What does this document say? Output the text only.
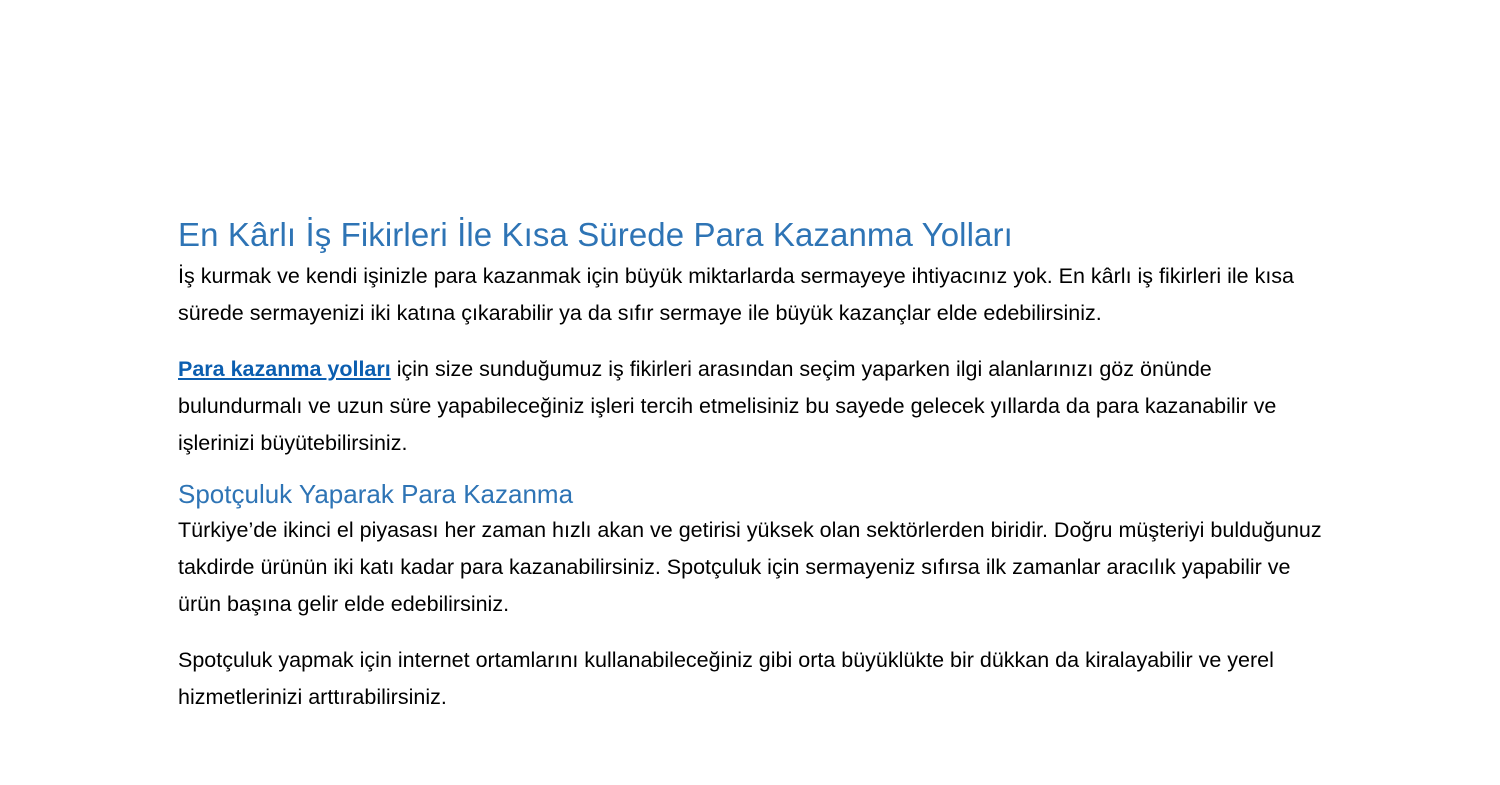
En Kârlı İş Fikirleri İle Kısa Sürede Para Kazanma Yolları

İş kurmak ve kendi işinizle para kazanmak için büyük miktarlarda sermayeye ihtiyacınız yok. En kârlı iş fikirleri ile kısa sürede sermayenizi iki katına çıkarabilir ya da sıfır sermaye ile büyük kazançlar elde edebilirsiniz.

Para kazanma yolları için size sunduğumuz iş fikirleri arasından seçim yaparken ilgi alanlarınızı göz önünde bulundurmalı ve uzun süre yapabileceğiniz işleri tercih etmelisiniz bu sayede gelecek yıllarda da para kazanabilir ve işlerinizi büyütebilirsiniz.

Spotçuluk Yaparak Para Kazanma

Türkiye’de ikinci el piyasası her zaman hızlı akan ve getirisi yüksek olan sektörlerden biridir. Doğru müşteriyi bulduğunuz takdirde ürünün iki katı kadar para kazanabilirsiniz. Spotçuluk için sermayeniz sıfırsa ilk zamanlar aracılık yapabilir ve ürün başına gelir elde edebilirsiniz.

Spotçuluk yapmak için internet ortamlarını kullanabileceğiniz gibi orta büyüklükte bir dükkan da kiralayabilir ve yerel hizmetlerinizi arttırabilirsiniz.
